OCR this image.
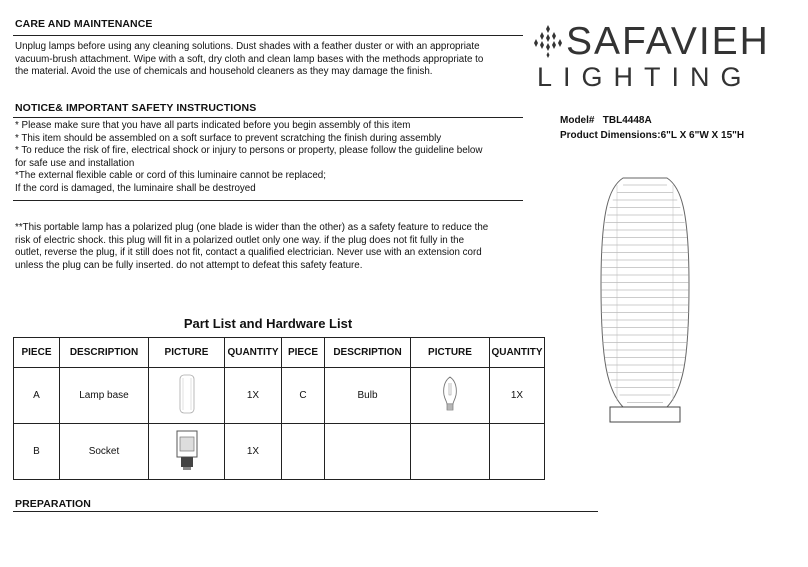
CARE AND MAINTENANCE

Unplug lamps before using any cleaning solutions. Dust shades with a feather duster or with an appropriate

vacuum-brush attachment. Wipe with a soft, dry cloth and clean lamp bases with the methods appropriate to

the material. Avoid the use of chemicals and household cleaners as they may damage the finish.

NOTICE& IMPORTANT SAFETY INSTRUCTIONS

* Please make sure that you have all parts indicated before you begin assembly of this item

* This item should be assembled on a soft surface to prevent scratching the finish during assembly

* To reduce the risk of fire, electrical shock or injury to persons or property, please follow the guideline below

for safe use and installation

*The external flexible cable or cord of this luminaire cannot be replaced;

If the cord is damaged, the luminaire shall be destroyed

**This portable lamp has a polarized plug (one blade is wider than the other) as a safety feature to reduce the

risk of electric shock. this plug will fit in a polarized outlet only one way. if the plug does not fit fully in the

outlet, reverse the plug, if it still does not fit, contact a qualified electrician. Never use with an extension cord

unless the plug can be fully inserted. do not attempt to defeat this safety feature.

Part List and Hardware List
PIECE	DESCRIPTION	PICTURE	QUANTITY	PIECE	DESCRIPTION	PICTURE	QUANTITY
A	Lamp base		1X	C	Bulb		1X
B	Socket		1X				
PREPARATION
SAFAVIEH
LIGHTING
Model# TBL4448A
Product Dimensions:6"L X 6"W X 15"H
